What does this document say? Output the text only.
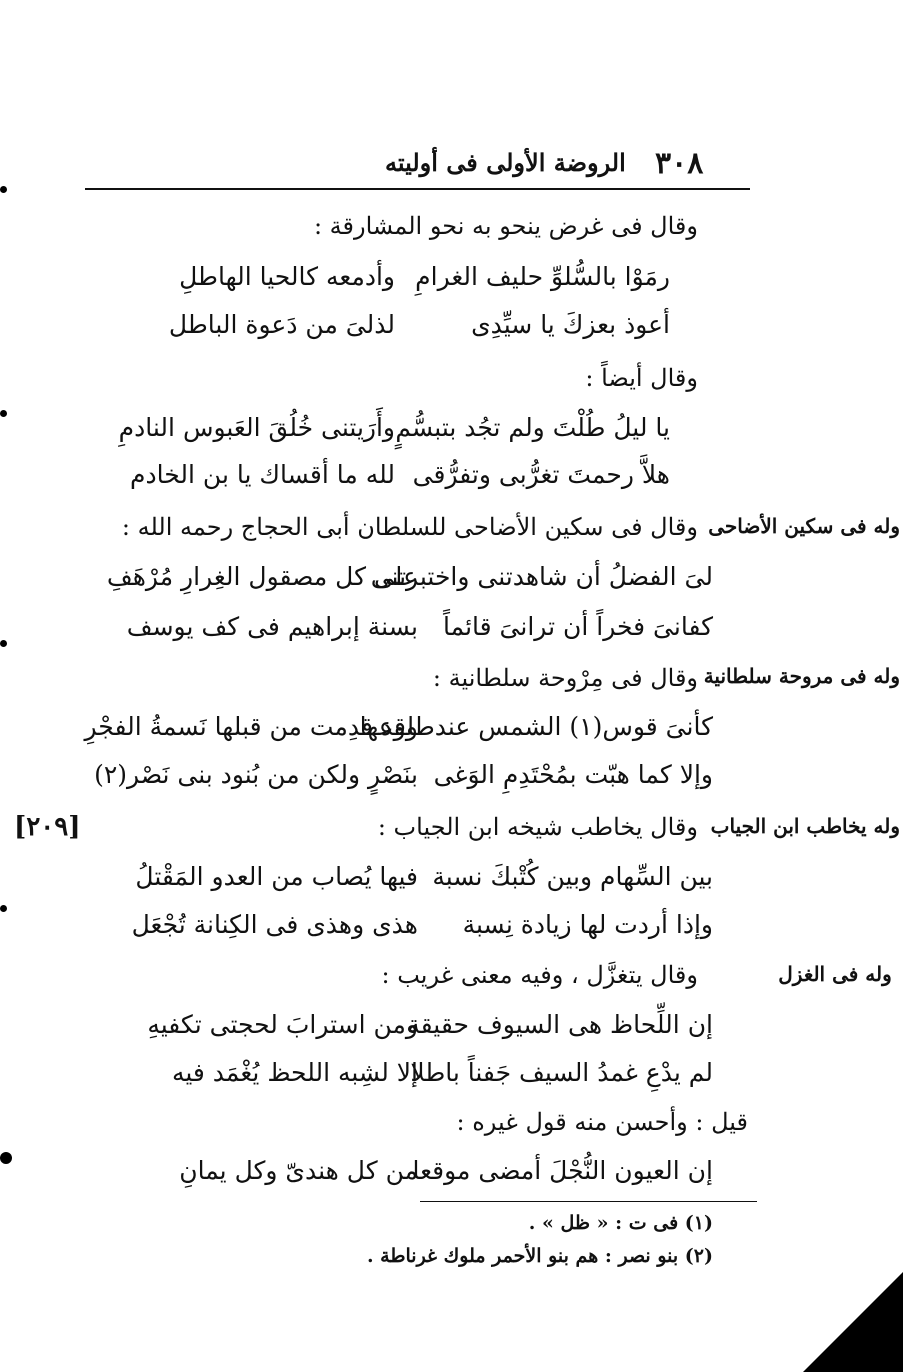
٣٠٨
الروضة الأولى فى أوليته
وله فى سكين الأضاحى
وله فى مروحة سلطانية
وله يخاطب ابن الجياب
وله فى الغزل
[٢٠٩]
وقال فى غرض ينحو به نحو المشارقة :
رمَوْا بالسُّلوِّ حليف الغرامِ
وأدمعه كالحيا الهاطلِ
أعوذ بعزكَ يا سيِّدِى
لذلىَ من دَعوة الباطل
وقال أيضاً :
يا ليلُ طُلْتَ ولم تجُد بتبسُّمٍ
وأَرَيتنى خُلُقَ العَبوس النادمِ
هلاَّ رحمتَ تغرُّبى وتفرُّقى
لله ما أقساك يا بن الخادم
وقال فى سكين الأضاحى للسلطان أبى الحجاج رحمه الله :
لىَ الفضلُ أن شاهدتنى واختبرتنى
على كل مصقول الغِرارِ مُرْهَفِ
كفانىَ فخراً أن ترانىَ قائماً
بسنة إبراهيم فى كف يوسف
وقال فى مِرْوحة سلطانية :
كأنىَ قوس(١) الشمس عندطلوعها
وقد قدِمت من قبلها نَسمةُ الفجْرِ
وإلا كما هبّت بمُحْتَدِمِ الوَغى
بنَصْرٍ ولكن من بُنود بنى نَصْر(٢)
وقال يخاطب شيخه ابن الجياب :
بين السِّهام وبين كُتْبكَ نسبة
فيها يُصاب من العدو المَقْتلُ
وإذا أردت لها زيادة نِسبة
هذى وهذى فى الكِنانة تُجْعَل
وقال يتغزَّل ، وفيه معنى غريب :
إن اللِّحاظ هى السيوف حقيقة
ومن استرابَ لحجتى تكفيهِ
لم يدْعِ غمدُ السيف جَفناً باطلا
إلا لشِبه اللحظ يُغْمَد فيه
قيل : وأحسن منه قول غيره :
إن العيون النُّجْلَ أمضى موقعا
من كل هندىّ وكل يمانِ
(١) فى ت : « ظل » .
(٢) بنو نصر : هم بنو الأحمر ملوك غرناطة .
